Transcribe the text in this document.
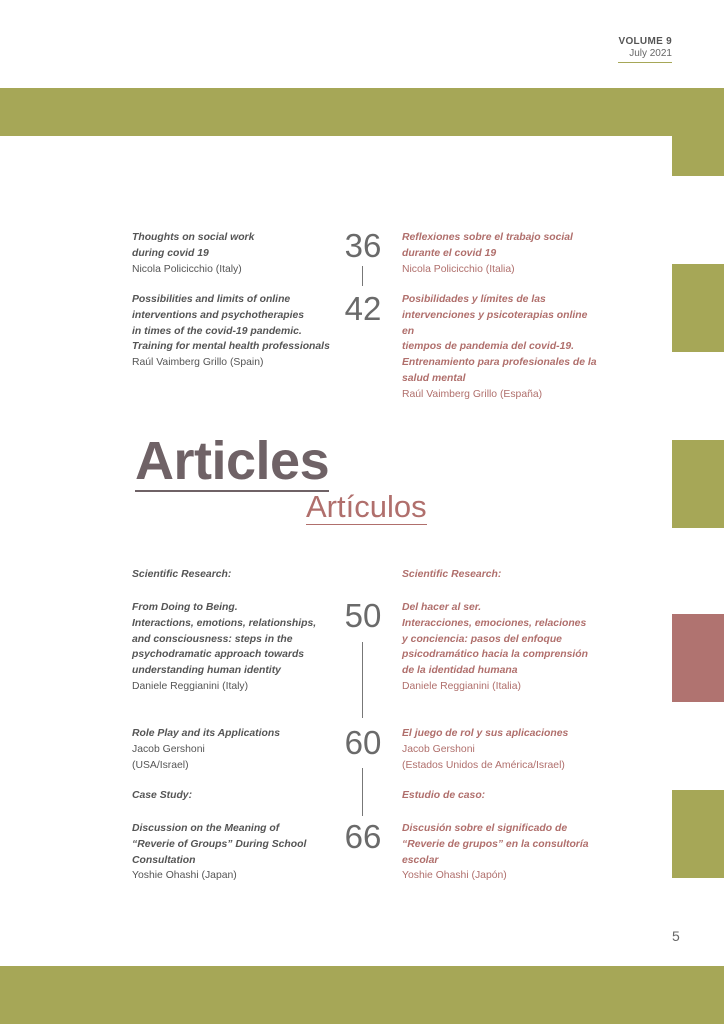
VOLUME 9
July 2021
Thoughts on social work
during covid 19
Nicola Policicchio (Italy)
36 Reflexiones sobre el trabajo social
durante el covid 19
Nicola Policicchio (Italia)
Possibilities and limits of online
interventions and psychotherapies
in times of the covid-19 pandemic.
Training for mental health professionals
Raúl Vaimberg Grillo (Spain)
42 Posibilidades y límites de las
intervenciones y psicoterapias online en
tiempos de pandemia del covid-19.
Entrenamiento para profesionales de la
salud mental
Raúl Vaimberg Grillo (España)
Articles
Artículos
Scientific Research:	Scientific Research:
From Doing to Being.
Interactions, emotions, relationships,
and consciousness: steps in the
psychodramatic approach towards
understanding human identity
Daniele Reggianini (Italy)
50 Del hacer al ser.
Interacciones, emociones, relaciones
y conciencia: pasos del enfoque
psicodramático hacia la comprensión
de la identidad humana
Daniele Reggianini (Italia)
Role Play and its Applications
Jacob Gershoni
(USA/Israel)
60 El juego de rol y sus aplicaciones
Jacob Gershoni
(Estados Unidos de América/Israel)
Case Study:	Estudio de caso:
Discussion on the Meaning of
“Reverie of Groups” During School
Consultation
Yoshie Ohashi (Japan)
66 Discusión sobre el significado de
“Reverie de grupos” en la consultoría
escolar
Yoshie Ohashi (Japón)
5
